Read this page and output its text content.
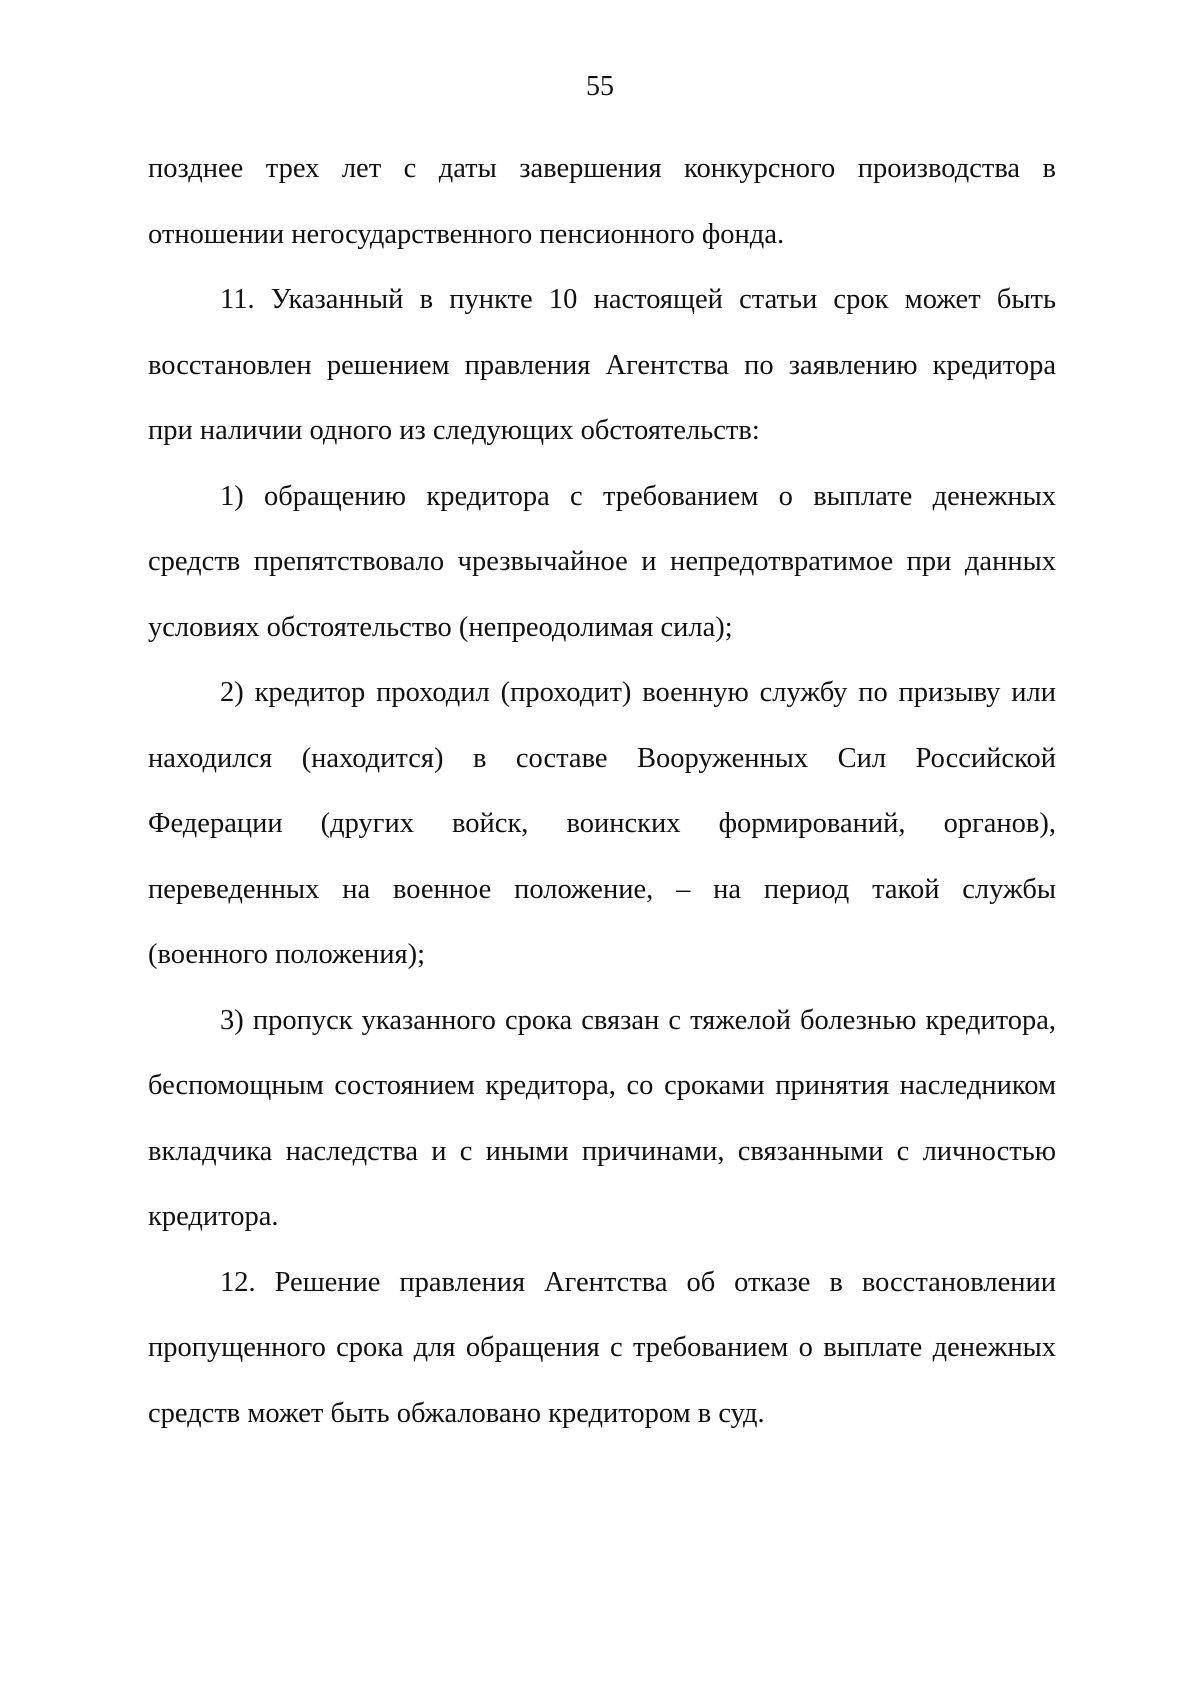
55

позднее трех лет с даты завершения конкурсного производства в отношении негосударственного пенсионного фонда.

11. Указанный в пункте 10 настоящей статьи срок может быть восстановлен решением правления Агентства по заявлению кредитора при наличии одного из следующих обстоятельств:

1) обращению кредитора с требованием о выплате денежных средств препятствовало чрезвычайное и непредотвратимое при данных условиях обстоятельство (непреодолимая сила);

2) кредитор проходил (проходит) военную службу по призыву или находился (находится) в составе Вооруженных Сил Российской Федерации (других войск, воинских формирований, органов), переведенных на военное положение, – на период такой службы (военного положения);

3) пропуск указанного срока связан с тяжелой болезнью кредитора, беспомощным состоянием кредитора, со сроками принятия наследником вкладчика наследства и с иными причинами, связанными с личностью кредитора.

12. Решение правления Агентства об отказе в восстановлении пропущенного срока для обращения с требованием о выплате денежных средств может быть обжаловано кредитором в суд.
